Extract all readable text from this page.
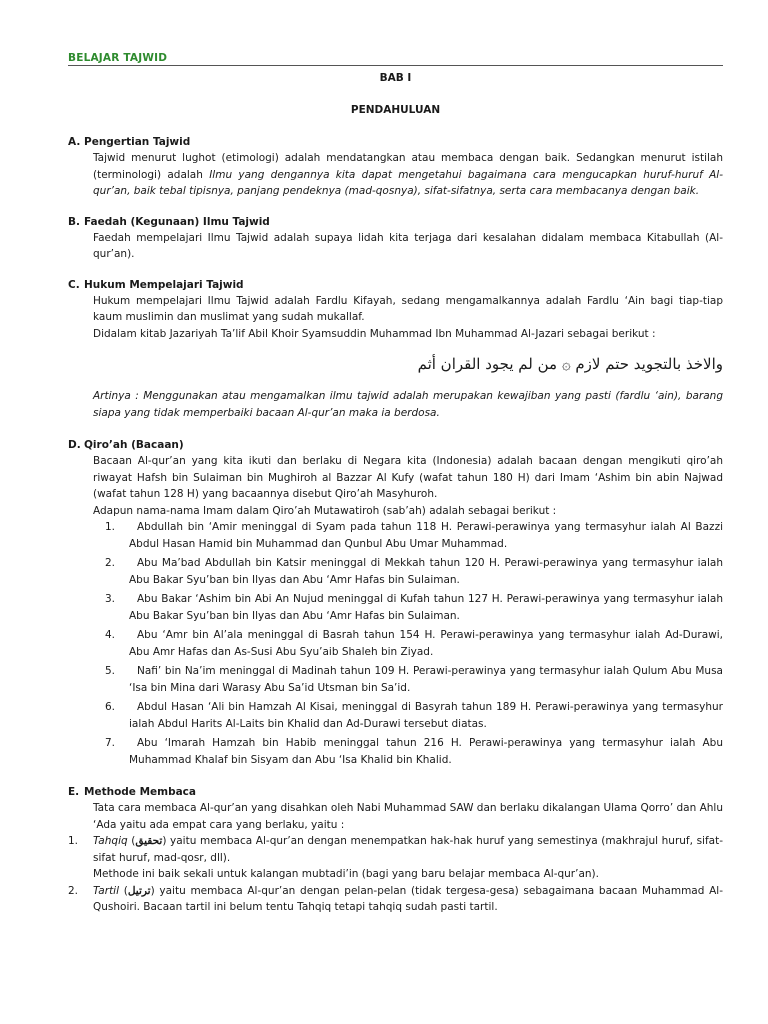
BELAJAR TAJWID
BAB I
PENDAHULUAN
A. Pengertian Tajwid

Tajwid menurut lughot (etimologi) adalah mendatangkan atau membaca dengan baik. Sedangkan menurut istilah (terminologi) adalah Ilmu yang dengannya kita dapat mengetahui bagaimana cara mengucapkan huruf-huruf Al-qur’an, baik tebal tipisnya, panjang pendeknya (mad-qosnya), sifat-sifatnya, serta cara membacanya dengan baik.

B. Faedah (Kegunaan) Ilmu Tajwid

Faedah mempelajari Ilmu Tajwid adalah supaya lidah kita terjaga dari kesalahan didalam membaca Kitabullah (Al-qur’an).

C. Hukum Mempelajari Tajwid

Hukum mempelajari Ilmu Tajwid adalah Fardlu Kifayah, sedang mengamalkannya adalah Fardlu ‘Ain bagi tiap-tiap kaum muslimin dan muslimat yang sudah mukallaf.

Didalam kitab Jazariyah Ta’lif Abil Khoir Syamsuddin Muhammad Ibn Muhammad Al-Jazari sebagai berikut :

والاخذ بالتجويد حتم لازم ۞ من لم يجود القران أثم

Artinya : Menggunakan atau mengamalkan ilmu tajwid adalah merupakan kewajiban yang pasti (fardlu ‘ain), barang siapa yang tidak memperbaiki bacaan Al-qur’an maka ia berdosa.

D. Qiro’ah (Bacaan)

Bacaan Al-qur’an yang kita ikuti dan berlaku di Negara kita (Indonesia) adalah bacaan dengan mengikuti qiro’ah riwayat Hafsh bin Sulaiman bin Mughiroh al Bazzar Al Kufy (wafat tahun 180 H) dari Imam ‘Ashim bin abin Najwad (wafat tahun 128 H) yang bacaannya disebut Qiro’ah Masyhuroh.

Adapun nama-nama Imam dalam Qiro’ah Mutawatiroh (sab’ah) adalah sebagai berikut :

1.	Abdullah bin ‘Amir meninggal di Syam pada tahun 118 H. Perawi-perawinya yang termasyhur ialah Al Bazzi Abdul Hasan Hamid bin Muhammad dan Qunbul Abu Umar Muhammad.
2.	Abu Ma’bad Abdullah bin Katsir meninggal di Mekkah tahun 120 H. Perawi-perawinya yang termasyhur ialah Abu Bakar Syu’ban bin Ilyas dan Abu ‘Amr Hafas bin Sulaiman.
3.	Abu Bakar ‘Ashim bin Abi An Nujud meninggal di Kufah tahun 127 H. Perawi-perawinya yang termasyhur ialah Abu Bakar Syu’ban bin Ilyas dan Abu ‘Amr Hafas bin Sulaiman.
4.	Abu ‘Amr bin Al’ala meninggal di Basrah tahun 154 H. Perawi-perawinya yang termasyhur ialah Ad-Durawi, Abu Amr Hafas dan As-Susi Abu Syu’aib Shaleh bin Ziyad.
5.	Nafi’ bin Na’im meninggal di Madinah tahun 109 H. Perawi-perawinya yang termasyhur ialah Qulum Abu Musa ‘Isa bin Mina dari Warasy Abu Sa’id Utsman bin Sa’id.
6.	Abdul Hasan ‘Ali bin Hamzah Al Kisai, meninggal di Basyrah tahun 189 H. Perawi-perawinya yang termasyhur ialah Abdul Harits Al-Laits bin Khalid dan Ad-Durawi tersebut diatas.
7.	Abu ‘Imarah Hamzah bin Habib meninggal tahun 216 H. Perawi-perawinya yang termasyhur ialah Abu Muhammad Khalaf bin Sisyam dan Abu ‘Isa Khalid bin Khalid.
E. Methode Membaca

Tata cara membaca Al-qur’an yang disahkan oleh Nabi Muhammad SAW dan berlaku dikalangan Ulama Qorro’ dan Ahlu ‘Ada yaitu ada empat cara yang berlaku, yaitu :

1.	Tahqiq (تحقيق) yaitu membaca Al-qur’an dengan menempatkan hak-hak huruf yang semestinya (makhrajul huruf, sifat-sifat huruf, mad-qosr, dll).
Methode ini baik sekali untuk kalangan mubtadi’in (bagi yang baru belajar membaca Al-qur’an).
2.	Tartil (ترتيل) yaitu membaca Al-qur’an dengan pelan-pelan (tidak tergesa-gesa) sebagaimana bacaan Muhammad Al-Qushoiri. Bacaan tartil ini belum tentu Tahqiq tetapi tahqiq sudah pasti tartil.
